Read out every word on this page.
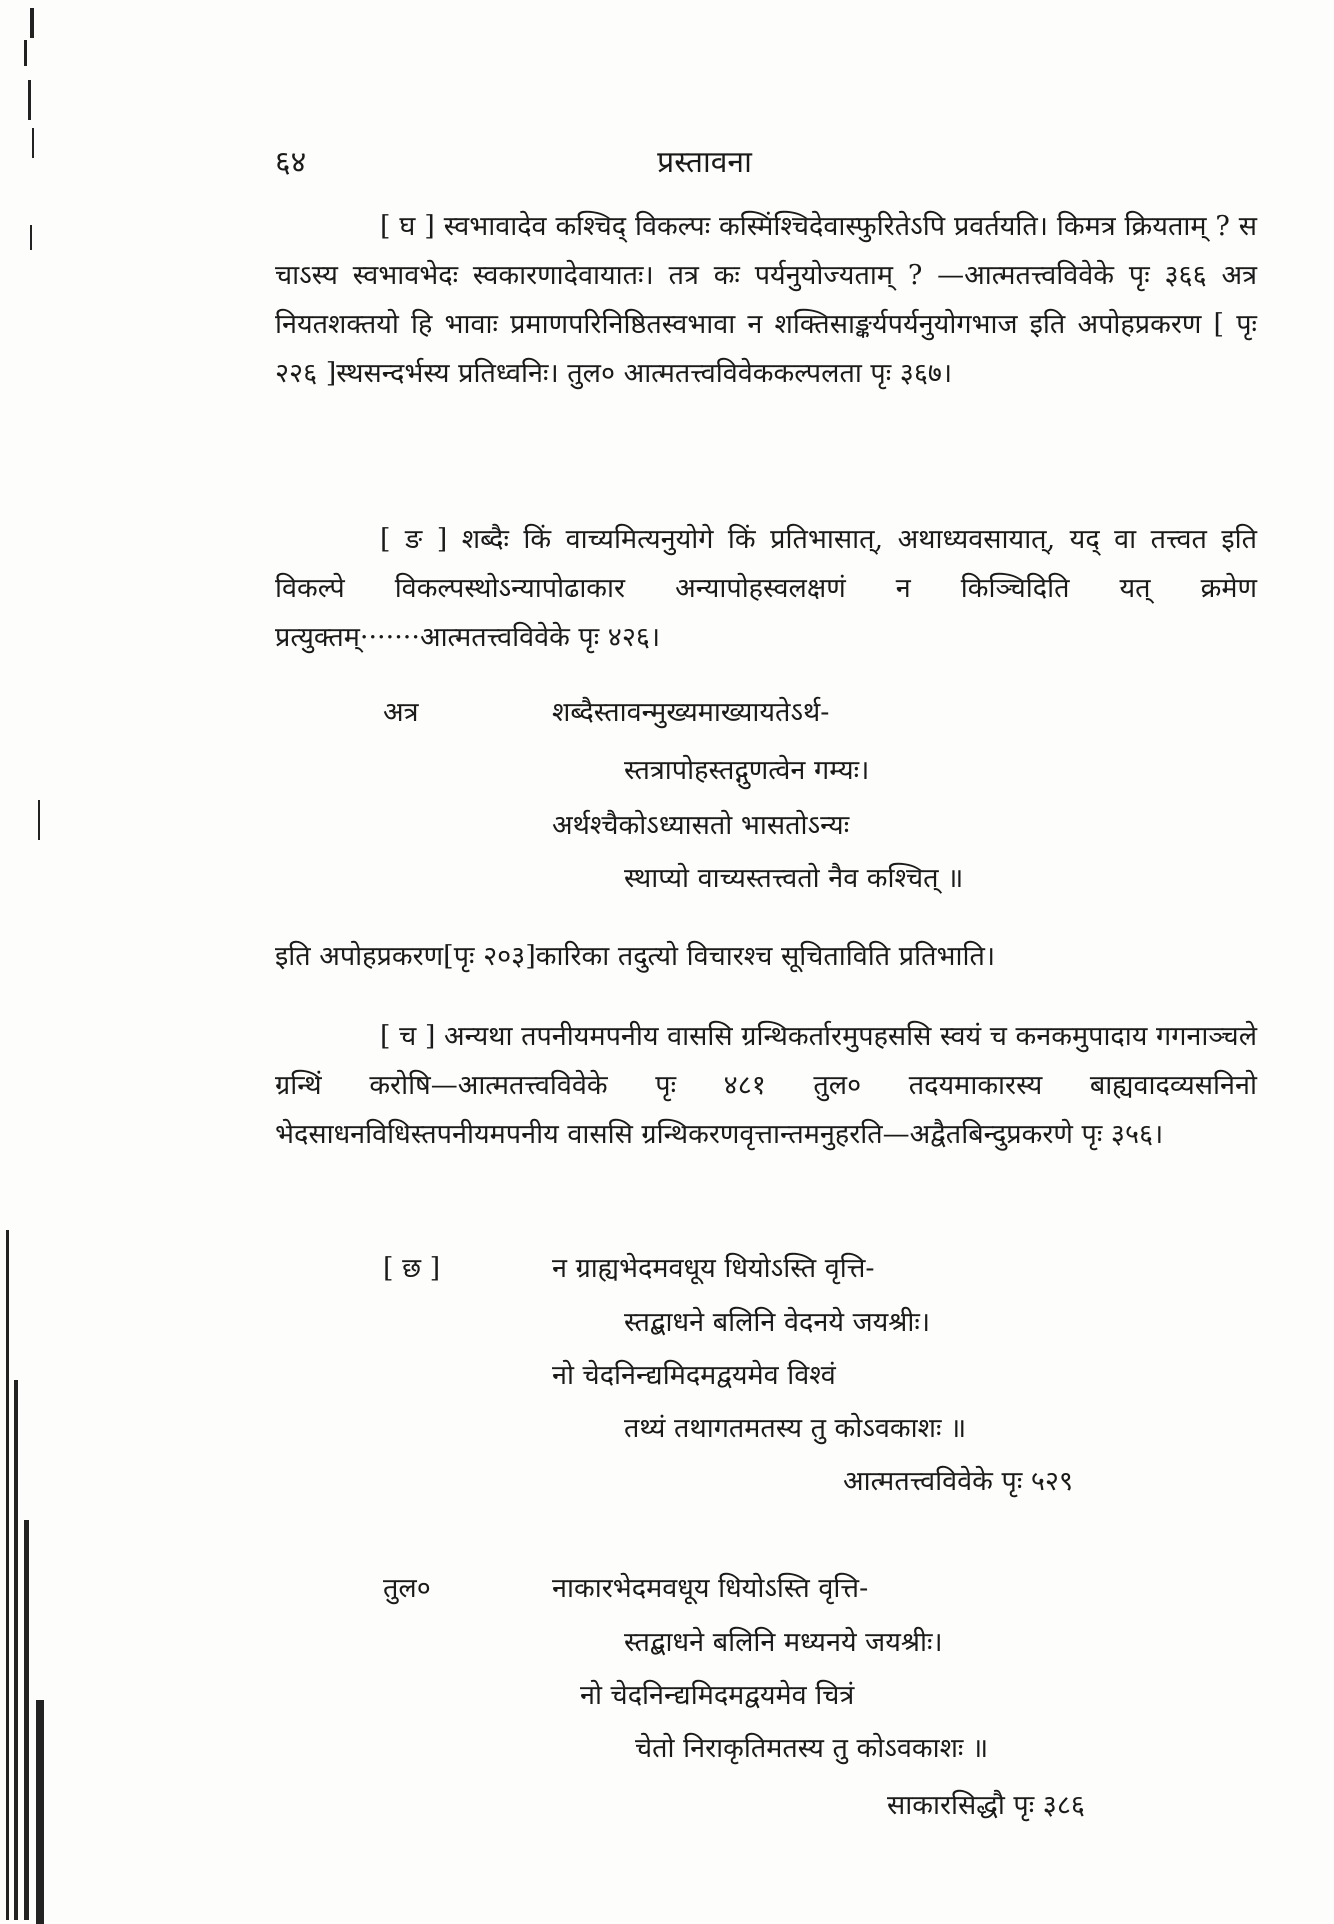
६४	प्रस्तावना

[ घ ] स्वभावादेव कश्चिद् विकल्पः कस्मिंश्चिदेवास्फुरितेऽपि प्रवर्तयति। किमत्र क्रियताम् ? स चाऽस्य स्वभावभेदः स्वकारणादेवायातः। तत्र कः पर्यनुयोज्यताम् ? —आत्मतत्त्वविवेके पृः ३६६ अत्र नियतशक्तयो हि भावाः प्रमाणपरिनिष्ठितस्वभावा न शक्तिसाङ्कर्यपर्यनुयोगभाज इति अपोहप्रकरण [ पृः २२६ ]स्थसन्दर्भस्य प्रतिध्वनिः। तुल० आत्मतत्त्वविवेककल्पलता पृः ३६७।

[ ङ ] शब्दैः किं वाच्यमित्यनुयोगे किं प्रतिभासात्, अथाध्यवसायात्, यद् वा तत्त्वत इति विकल्पे विकल्पस्थोऽन्यापोढाकार अन्यापोहस्वलक्षणं न किञ्चिदिति यत् क्रमेण प्रत्युक्तम्·······आत्मतत्त्वविवेके पृः ४२६।

अत्र	शब्दैस्तावन्मुख्यमाख्यायतेऽर्थ-
स्तत्रापोहस्तद्गुणत्वेन गम्यः।
अर्थश्चैकोऽध्यासतो भासतोऽन्यः
स्थाप्यो वाच्यस्तत्त्वतो नैव कश्चित् ॥

इति अपोहप्रकरण[पृः २०३]कारिका तदुत्यो विचारश्च सूचिताविति प्रतिभाति।

[ च ] अन्यथा तपनीयमपनीय वाससि ग्रन्थिकर्तारमुपहससि स्वयं च कनकमुपादाय गगनाञ्चले ग्रन्थिं करोषि—आत्मतत्त्वविवेके पृः ४८१ तुल० तदयमाकारस्य बाह्यवादव्यसनिनो भेदसाधनविधिस्तपनीयमपनीय वाससि ग्रन्थिकरणवृत्तान्तमनुहरति—अद्वैतबिन्दुप्रकरणे पृः ३५६।

[ छ ]	न ग्राह्यभेदमवधूय धियोऽस्ति वृत्ति-
स्तद्बाधने बलिनि वेदनये जयश्रीः।
नो चेदनिन्द्यमिदमद्वयमेव विश्वं
तथ्यं तथागतमतस्य तु कोऽवकाशः ॥
आत्मतत्त्वविवेके पृः ५२९
तुल०	नाकारभेदमवधूय धियोऽस्ति वृत्ति-
स्तद्बाधने बलिनि मध्यनये जयश्रीः।
नो चेदनिन्द्यमिदमद्वयमेव चित्रं
चेतो निराकृतिमतस्य तु कोऽवकाशः ॥
साकारसिद्धौ पृः ३८६
